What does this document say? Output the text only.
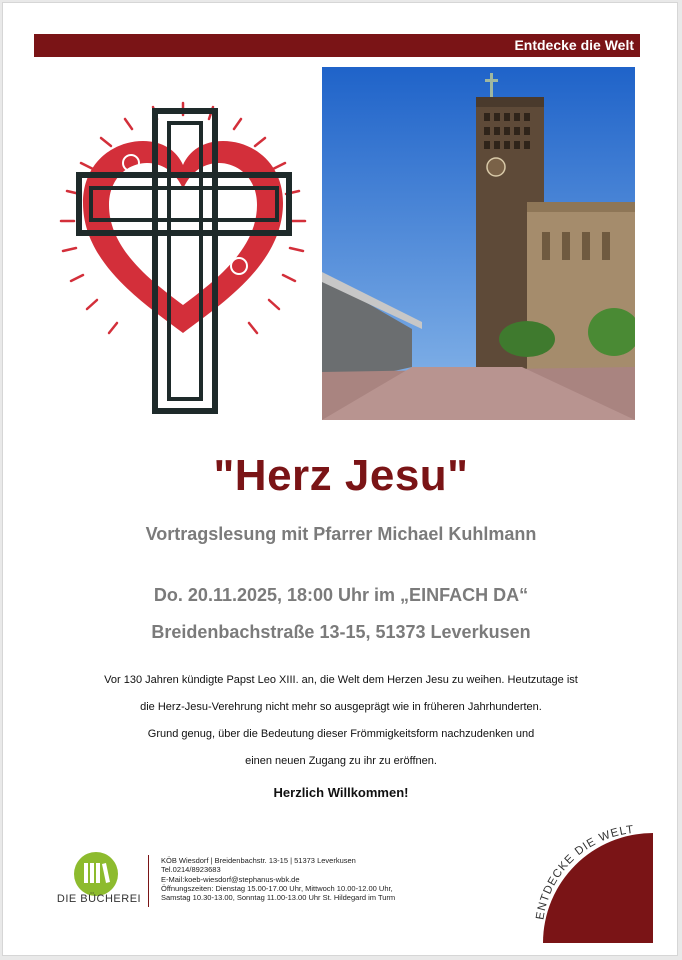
Entdecke die Welt
"Herz Jesu"
Vortragslesung mit Pfarrer Michael Kuhlmann
Do. 20.11.2025, 18:00 Uhr im „EINFACH DA“
Breidenbachstraße 13-15, 51373 Leverkusen
Vor 130 Jahren kündigte Papst Leo XIII. an, die Welt dem Herzen Jesu zu weihen. Heutzutage ist
die Herz-Jesu-Verehrung nicht mehr so ausgeprägt wie in früheren Jahrhunderten.
Grund genug, über die Bedeutung dieser Frömmigkeitsform nachzudenken und
einen neuen Zugang zu ihr zu eröffnen.
Herzlich Willkommen!
DIE BÜCHEREI
KÖB Wiesdorf | Breidenbachstr. 13-15 | 51373 Leverkusen
Tel.0214/8923683
E-Mail:koeb-wiesdorf@stephanus-wbk.de
Öffnungszeiten: Dienstag 15.00-17.00 Uhr, Mittwoch 10.00-12.00 Uhr,
Samstag 10.30-13.00, Sonntag 11.00-13.00 Uhr St. Hildegard im Turm
ENTDECKE DIE WELT
